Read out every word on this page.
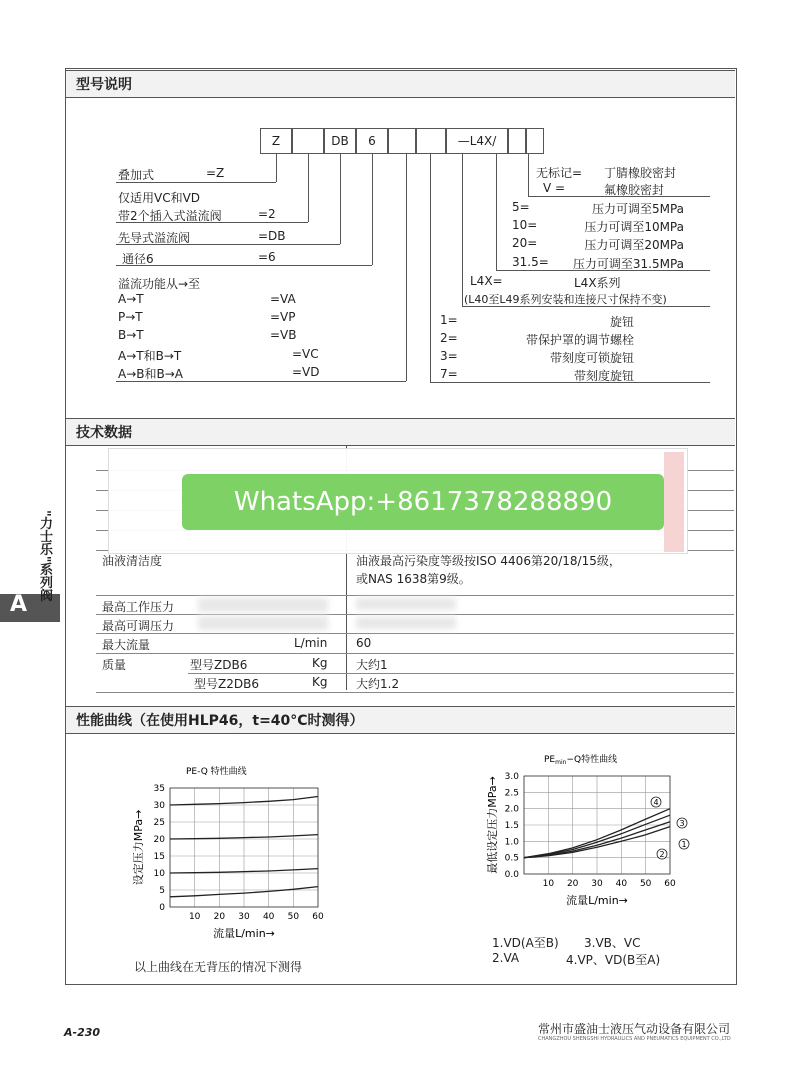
型号说明
Z	DB	6	—L4X/
叠加式	=Z
仅适用VC和VD
带2个插入式溢流阀	=2
先导式溢流阀	=DB
通径6	=6
溢流功能从→至
A→T	=VA
P→T	=VP
B→T	=VB
A→T和B→T	=VC
A→B和B→A	=VD
无标记= 丁腈橡胶密封
V =	氟橡胶密封
5=	压力可调至5MPa
10=	压力可调至10MPa
20=	压力可调至20MPa
31.5= 压力可调至31.5MPa
L4X=	L4X系列
(L40至L49系列安装和连接尺寸保持不变)
1=	旋钮
2=	带保护罩的调节螺栓
3=	带刻度可锁旋钮
7=	带刻度旋钮
技术数据
油液清洁度	油液最高污染度等级按ISO 4406第20/18/15级，
或NAS 1638第9级。
最高工作压力
最高可调压力
最大流量	L/min 60
质量	型号ZDB6	Kg 大约1
型号Z2DB6	Kg 大约1.2
WhatsApp:+8617378288890
性能曲线（在使用HLP46，t=40°C时测得）
0
5
10
15
20
25
30
35
10 20 30 40 50 60
PE-Q 特性曲线
流量L/min→
设定压力MPa→
以上曲线在无背压的情况下测得
0.0
0.5
1.0
1.5
2.0
2.5
3.0
10 20 30 40 50 60
$PE_{min}-Q$特性曲线
流量L/min→
最低设定压力MPa→	4
3
1
2
1.VD(A至B) 3.VB、VC
2.VA	4.VP、VD(B至A)
A
"力士乐"系列阀
A-230	常州市盛油士液压气动设备有限公司
CHANGZHOU SHENGSHI HYDRAULICS AND PNEUMATICS EQUIPMENT CO.,LTD
